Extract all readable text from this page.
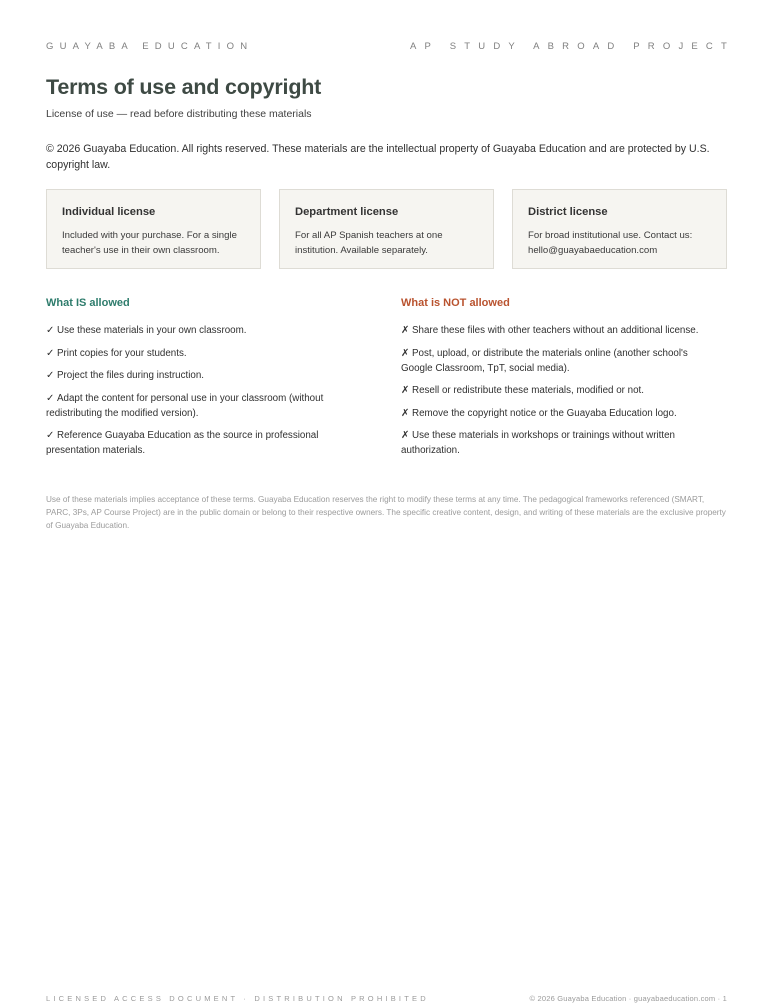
GUAYABA EDUCATION	AP STUDY ABROAD PROJECT
Terms of use and copyright
License of use — read before distributing these materials
© 2026 Guayaba Education. All rights reserved. These materials are the intellectual property of Guayaba Education and are protected by U.S. copyright law.
Individual license
Included with your purchase. For a single teacher's use in their own classroom.
Department license
For all AP Spanish teachers at one institution. Available separately.
District license
For broad institutional use. Contact us: hello@guayabaeducation.com
What IS allowed
✓ Use these materials in your own classroom.
✓ Print copies for your students.
✓ Project the files during instruction.
✓ Adapt the content for personal use in your classroom (without redistributing the modified version).
✓ Reference Guayaba Education as the source in professional presentation materials.
What is NOT allowed
✗ Share these files with other teachers without an additional license.
✗ Post, upload, or distribute the materials online (another school's Google Classroom, TpT, social media).
✗ Resell or redistribute these materials, modified or not.
✗ Remove the copyright notice or the Guayaba Education logo.
✗ Use these materials in workshops or trainings without written authorization.
Use of these materials implies acceptance of these terms. Guayaba Education reserves the right to modify these terms at any time. The pedagogical frameworks referenced (SMART, PARC, 3Ps, AP Course Project) are in the public domain or belong to their respective owners. The specific creative content, design, and writing of these materials are the exclusive property of Guayaba Education.
LICENSED ACCESS DOCUMENT · DISTRIBUTION PROHIBITED	© 2026 Guayaba Education · guayabaeducation.com · 1
